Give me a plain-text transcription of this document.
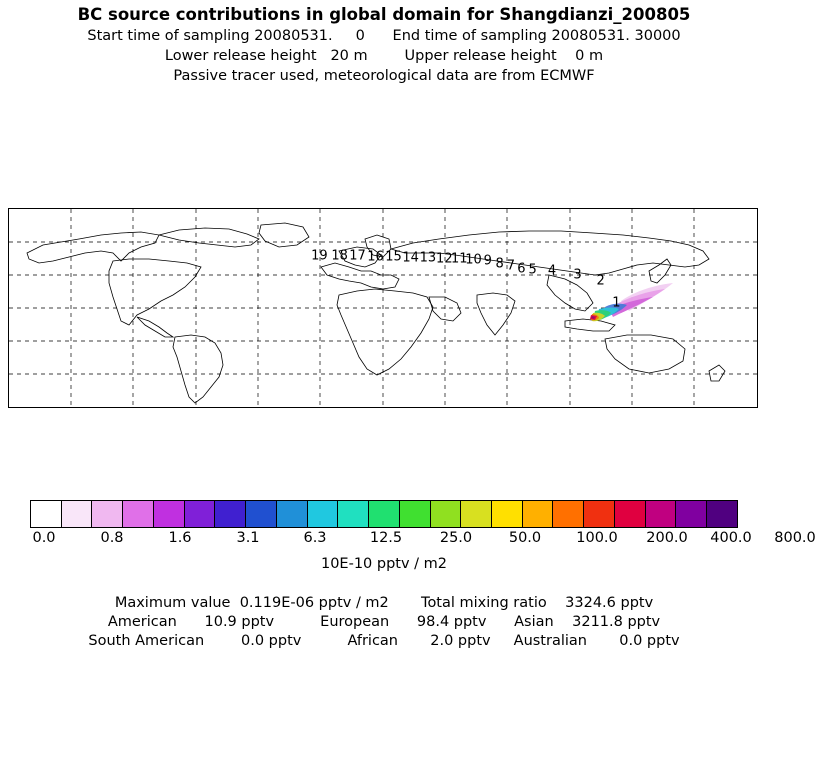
BC source contributions in global domain for Shangdianzi_200805
Start time of sampling 20080531.     0      End time of sampling 20080531. 30000
Lower release height   20 m        Upper release height    0 m
Passive tracer used, meteorological data are from ECMWF
19 18 17 16 15 14 13 12
11
10 9 8 7 6 5 4 3 2
1
0.0	0.8	1.6	3.1	6.3	12.5	25.0	50.0 100.0 200.0 400.0 800.0
10E-10 pptv / m2
Maximum value  0.119E-06 pptv / m2       Total mixing ratio    3324.6 pptv
American      10.9 pptv          European      98.4 pptv      Asian    3211.8 pptv
South American        0.0 pptv          African       2.0 pptv     Australian       0.0 pptv
